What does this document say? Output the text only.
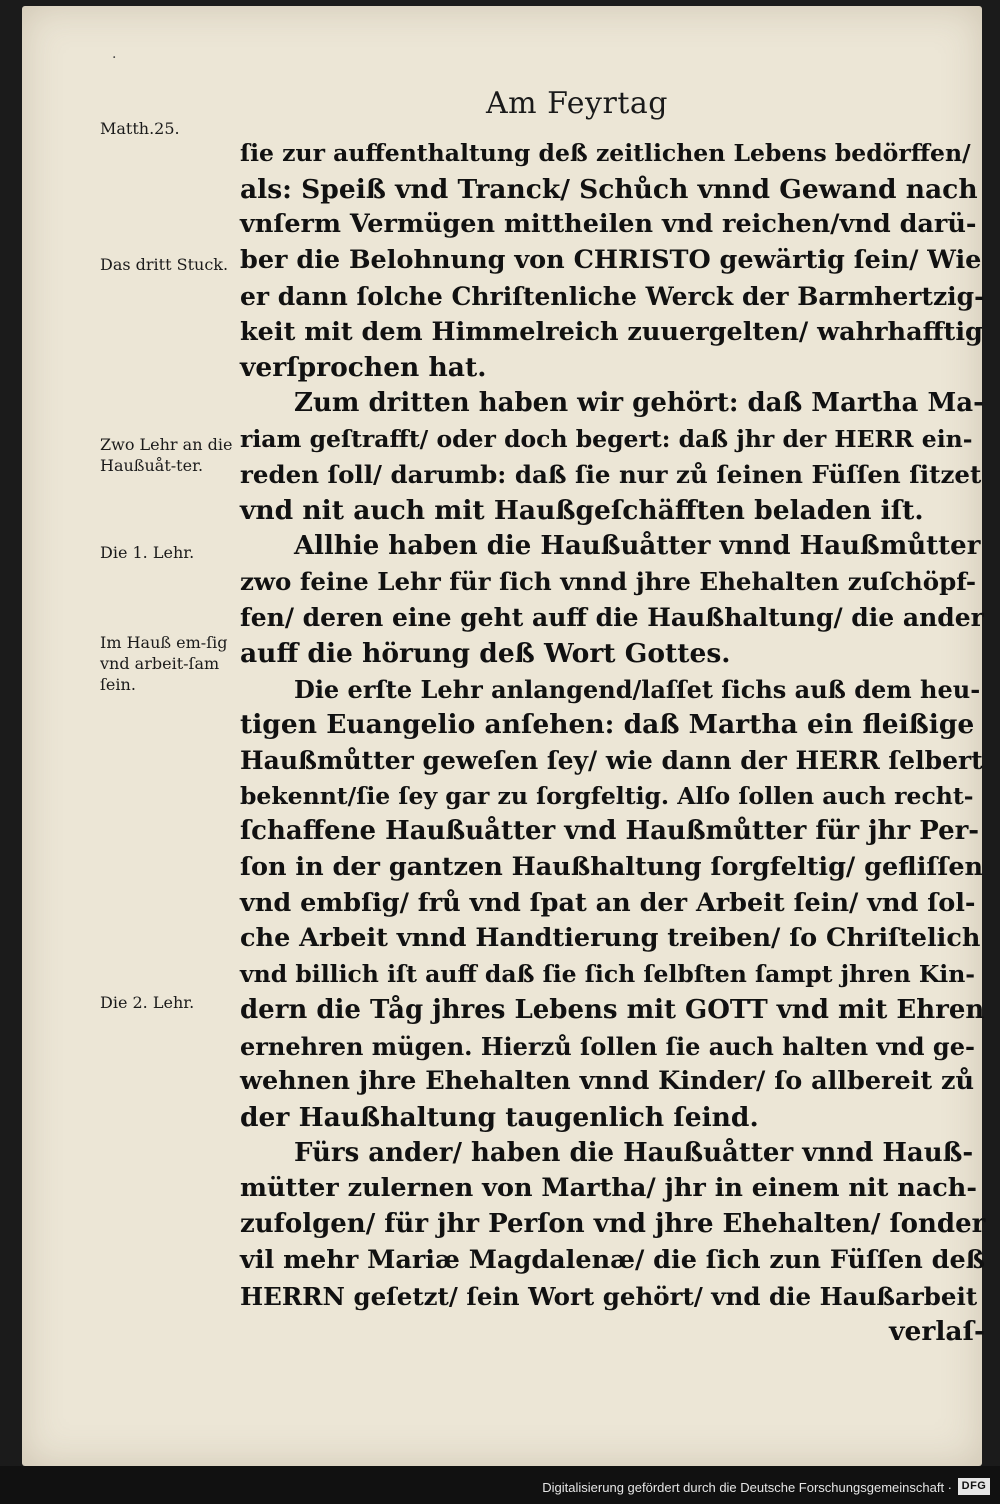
·
Am Feyrtag
Matth.25.
Das dritt Stuck.
Zwo Lehr an die Haußuåt-ter.
Die 1. Lehr.
Im Hauß em-ſig vnd arbeit-ſam ſein.
Die 2. Lehr.
ſie zur auffenthaltung deß zeitlichen Lebens bedörffen/
als: Speiß vnd Tranck/ Schůch vnnd Gewand nach
vnſerm Vermügen mittheilen vnd reichen/vnd darü-
ber die Belohnung von CHRISTO gewärtig ſein/ Wie
er dann ſolche Chriſtenliche Werck der Barmhertzig-
keit mit dem Himmelreich zuuergelten/ wahrhafftig
verſprochen hat.
Zum dritten haben wir gehört: daß Martha Ma-
riam geſtrafft/ oder doch begert: daß jhr der HERR ein-
reden ſoll/ darumb: daß ſie nur zů ſeinen Füſſen ſitzet
vnd nit auch mit Haußgeſchäfften beladen iſt.
Allhie haben die Haußuåtter vnnd Haußmůtter
zwo feine Lehr für ſich vnnd jhre Ehehalten zuſchöpf-
fen/ deren eine geht auff die Haußhaltung/ die ander
auff die hörung deß Wort Gottes.
Die erſte Lehr anlangend/laſſet ſichs auß dem heu-
tigen Euangelio anſehen: daß Martha ein fleißige
Haußmůtter geweſen ſey/ wie dann der HERR ſelbert
bekennt/ſie ſey gar zu ſorgfeltig. Alſo ſollen auch recht-
ſchaffene Haußuåtter vnd Haußmůtter für jhr Per-
ſon in der gantzen Haußhaltung ſorgfeltig/ gefliſſen
vnd embſig/ frů vnd ſpat an der Arbeit ſein/ vnd ſol-
che Arbeit vnnd Handtierung treiben/ ſo Chriſtelich
vnd billich iſt auff daß ſie ſich ſelbſten ſampt jhren Kin-
dern die Tåg jhres Lebens mit GOTT vnd mit Ehren
ernehren mügen. Hierzů ſollen ſie auch halten vnd ge-
wehnen jhre Ehehalten vnnd Kinder/ ſo allbereit zů
der Haußhaltung taugenlich ſeind.
Fürs ander/ haben die Haußuåtter vnnd Hauß-
mütter zulernen von Martha/ jhr in einem nit nach-
zufolgen/ für jhr Perſon vnd jhre Ehehalten/ ſonder
vil mehr Mariæ Magdalenæ/ die ſich zun Füſſen deß
HERRN geſetzt/ ſein Wort gehört/ vnd die Haußarbeit
verlaſ-
Digitalisierung gefördert durch die Deutsche Forschungsgemeinschaft · DFG
